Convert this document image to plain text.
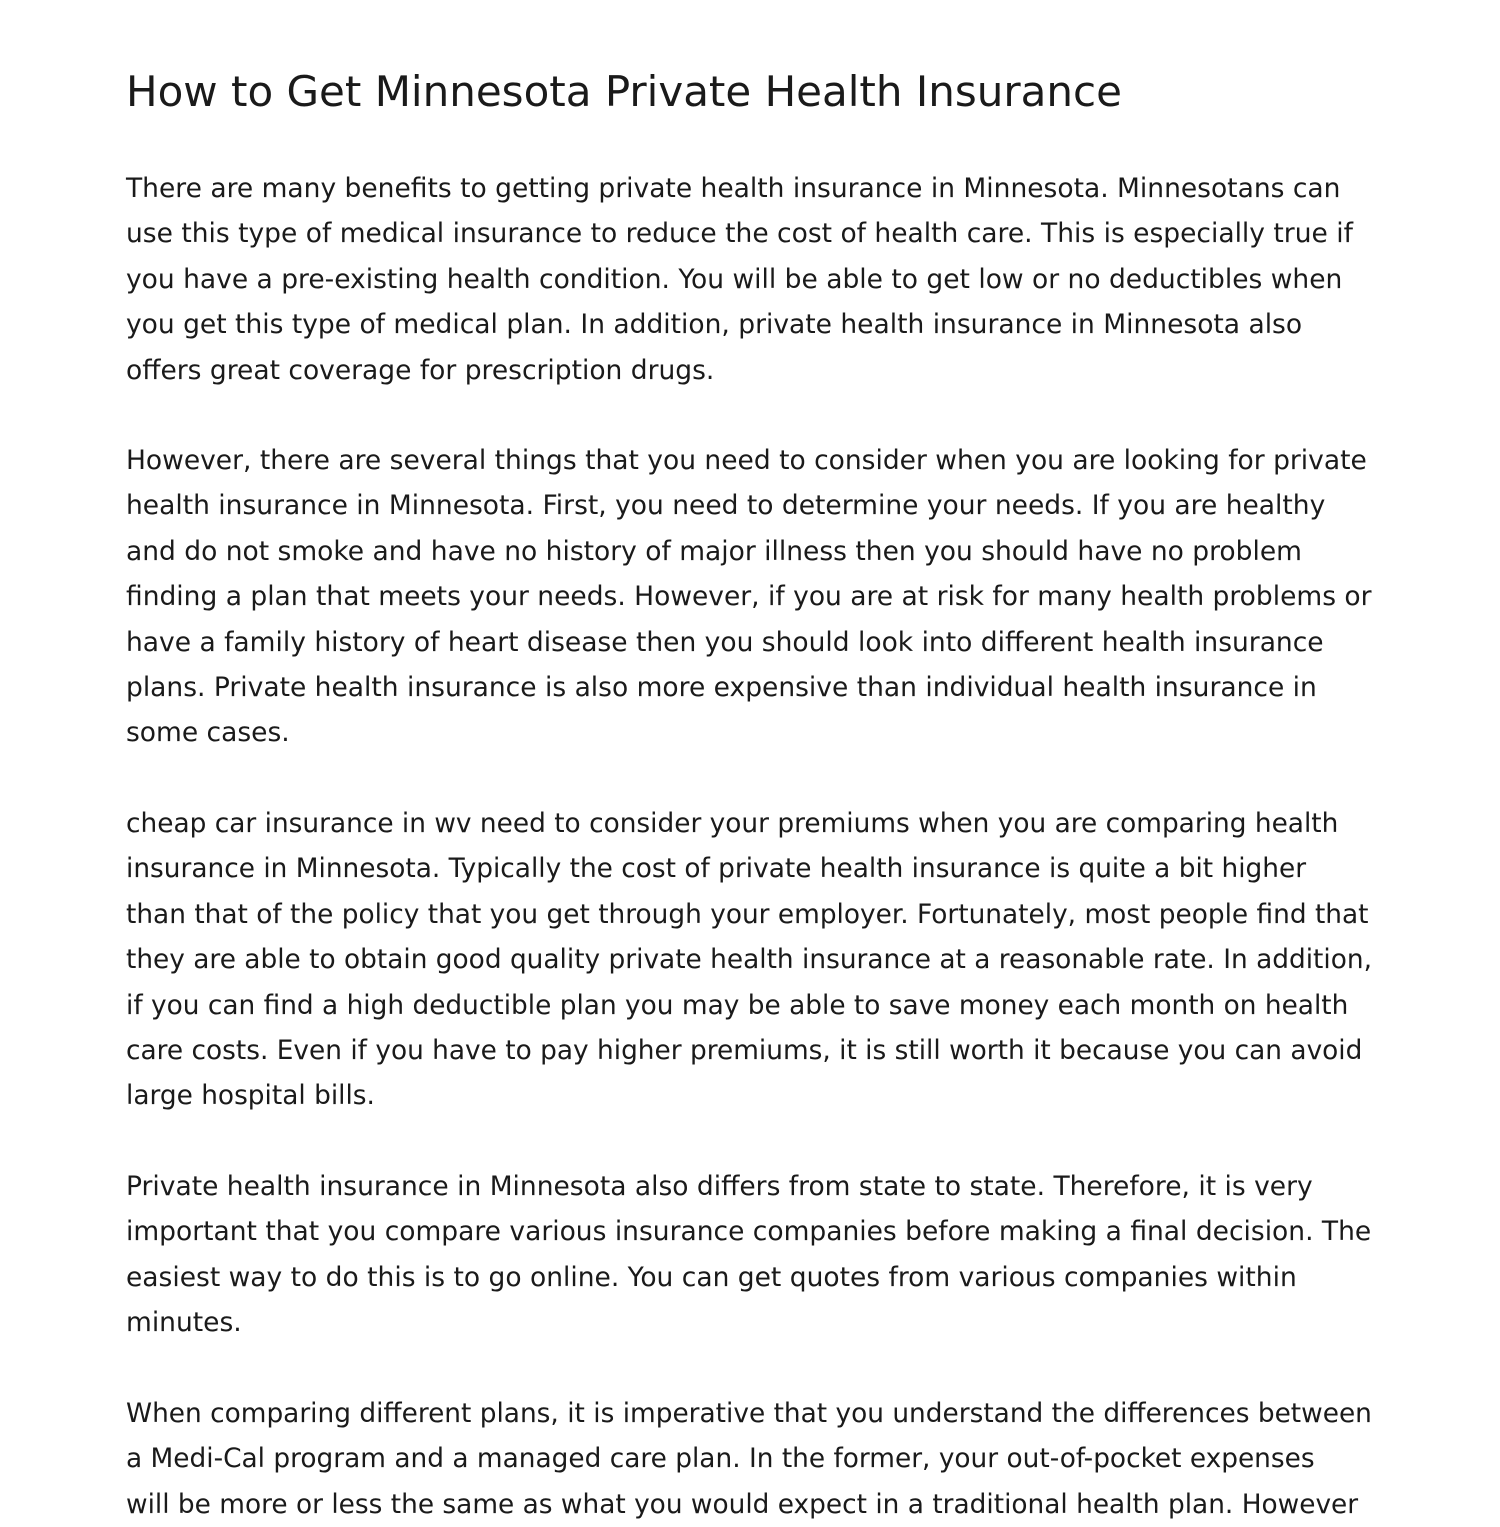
How to Get Minnesota Private Health Insurance

There are many benefits to getting private health insurance in Minnesota. Minnesotans can
use this type of medical insurance to reduce the cost of health care. This is especially true if
you have a pre-existing health condition. You will be able to get low or no deductibles when
you get this type of medical plan. In addition, private health insurance in Minnesota also
offers great coverage for prescription drugs.

However, there are several things that you need to consider when you are looking for private
health insurance in Minnesota. First, you need to determine your needs. If you are healthy
and do not smoke and have no history of major illness then you should have no problem
finding a plan that meets your needs. However, if you are at risk for many health problems or
have a family history of heart disease then you should look into different health insurance
plans. Private health insurance is also more expensive than individual health insurance in
some cases.

cheap car insurance in wv need to consider your premiums when you are comparing health
insurance in Minnesota. Typically the cost of private health insurance is quite a bit higher
than that of the policy that you get through your employer. Fortunately, most people find that
they are able to obtain good quality private health insurance at a reasonable rate. In addition,
if you can find a high deductible plan you may be able to save money each month on health
care costs. Even if you have to pay higher premiums, it is still worth it because you can avoid
large hospital bills.

Private health insurance in Minnesota also differs from state to state. Therefore, it is very
important that you compare various insurance companies before making a final decision. The
easiest way to do this is to go online. You can get quotes from various companies within
minutes.

When comparing different plans, it is imperative that you understand the differences between
a Medi-Cal program and a managed care plan. In the former, your out-of-pocket expenses
will be more or less the same as what you would expect in a traditional health plan. However
